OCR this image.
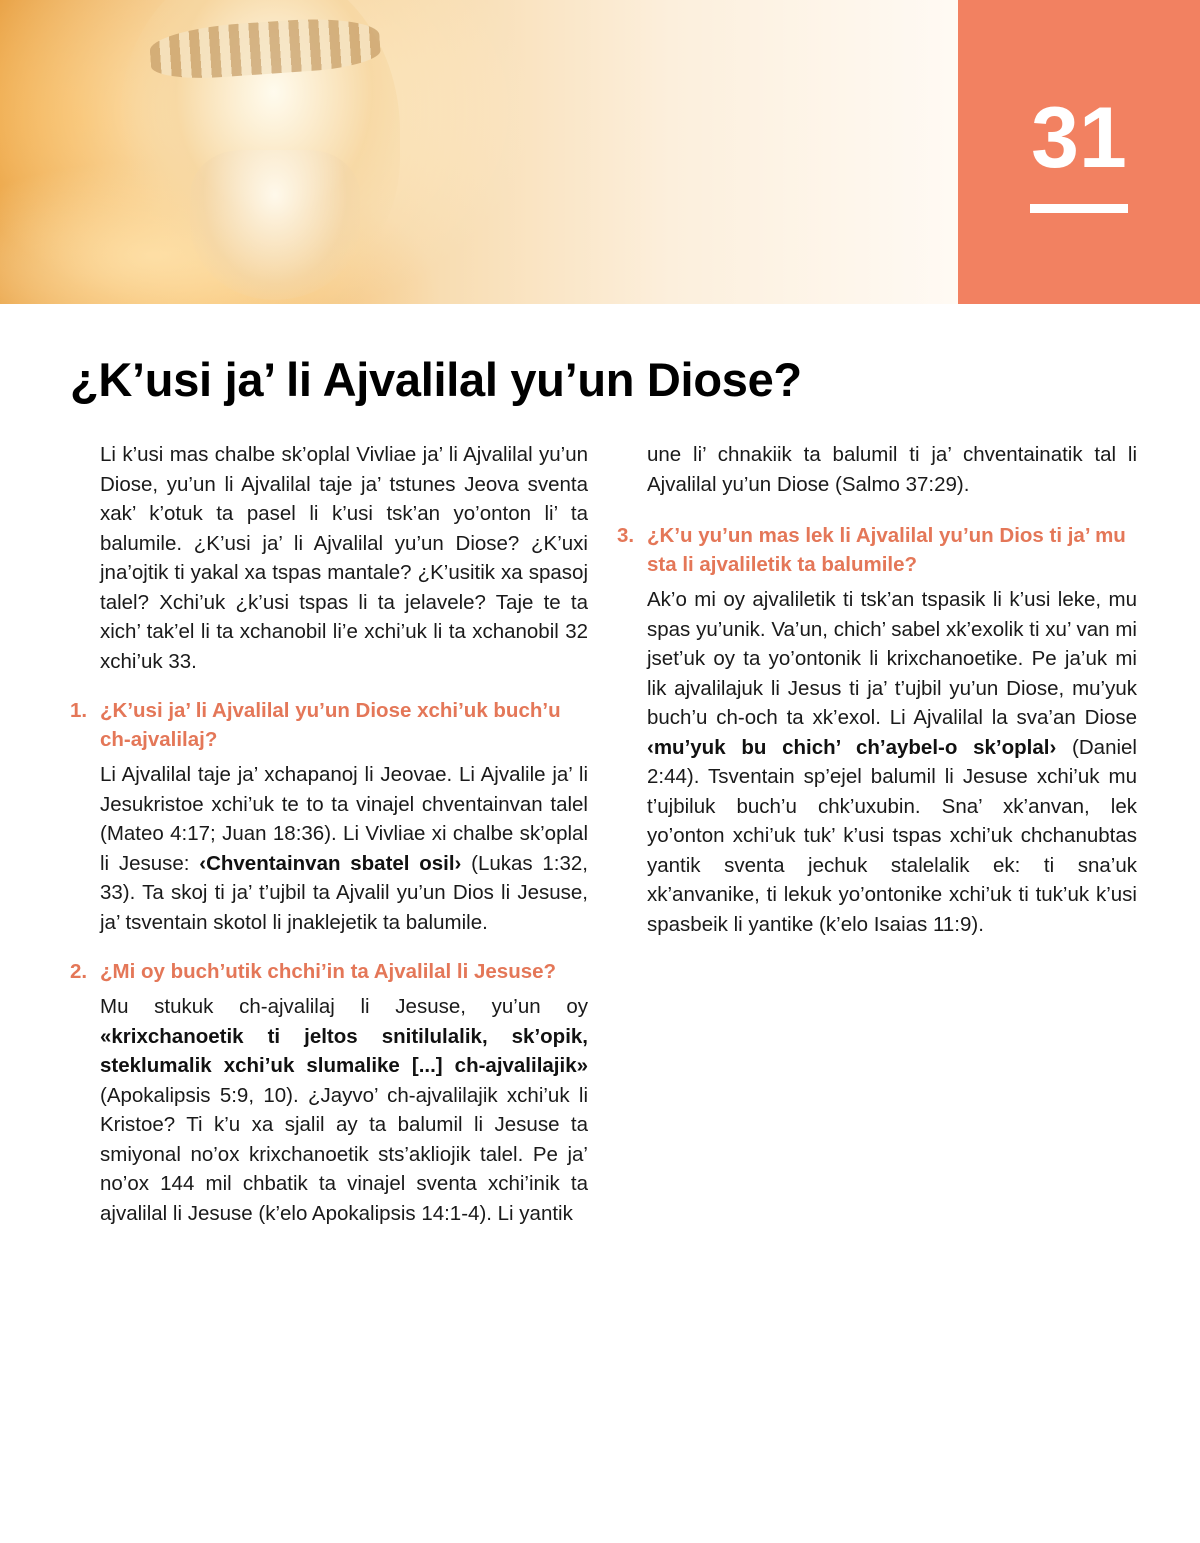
31
¿K’usi ja’ li Ajvalilal yu’un Diose?

Li k’usi mas chalbe sk’oplal Vivliae ja’ li Ajvalilal yu’un Diose, yu’un li Ajvalilal taje ja’ tstunes Jeova sventa xak’ k’otuk ta pasel li k’usi tsk’an yo’onton li’ ta balumile. ¿K’usi ja’ li Ajvalilal yu’un Diose? ¿K’uxi jna’ojtik ti yakal xa tspas mantale? ¿K’usitik xa spasoj talel? Xchi’uk ¿k’usi tspas li ta jelavele? Taje te ta xich’ tak’el li ta xchanobil li’e xchi’uk li ta xchanobil 32 xchi’uk 33.

1. ¿K’usi ja’ li Ajvalilal yu’un Diose xchi’uk buch’u ch-ajvalilaj?

Li Ajvalilal taje ja’ xchapanoj li Jeovae. Li Ajvalile ja’ li Jesukristoe xchi’uk te to ta vinajel chventainvan talel (Mateo 4:17; Juan 18:36). Li Vivliae xi chalbe sk’oplal li Jesuse: ‹Chventainvan sbatel osil› (Lukas 1:32, 33). Ta skoj ti ja’ t’ujbil ta Ajvalil yu’un Dios li Jesuse, ja’ tsventain skotol li jnaklejetik ta balumile.

2. ¿Mi oy buch’utik chchi’in ta Ajvalilal li Jesuse?

Mu stukuk ch-ajvalilaj li Jesuse, yu’un oy «krixchanoetik ti jeltos snitilulalik, sk’opik, steklumalik xchi’uk slumalike [...] ch-ajvalilajik» (Apokalipsis 5:9, 10). ¿Jayvo’ ch-ajvalilajik xchi’uk li Kristoe? Ti k’u xa sjalil ay ta balumil li Jesuse ta smiyonal no’ox krixchanoetik sts’akliojik talel. Pe ja’ no’ox 144 mil chbatik ta vinajel sventa xchi’inik ta ajvalilal li Jesuse (k’elo Apokalipsis 14:1-4). Li yantik

une li’ chnakiik ta balumil ti ja’ chventainatik tal li Ajvalilal yu’un Diose (Salmo 37:29).

3. ¿K’u yu’un mas lek li Ajvalilal yu’un Dios ti ja’ mu sta li ajvaliletik ta balumile?

Ak’o mi oy ajvaliletik ti tsk’an tspasik li k’usi leke, mu spas yu’unik. Va’un, chich’ sabel xk’exolik ti xu’ van mi jset’uk oy ta yo’ontonik li krixchanoetike. Pe ja’uk mi lik ajvalilajuk li Jesus ti ja’ t’ujbil yu’un Diose, mu’yuk buch’u ch-och ta xk’exol. Li Ajvalilal la sva’an Diose ‹mu’yuk bu chich’ ch’aybel-o sk’oplal› (Daniel 2:44). Tsventain sp’ejel balumil li Jesuse xchi’uk mu t’ujbiluk buch’u chk’uxubin. Sna’ xk’anvan, lek yo’onton xchi’uk tuk’ k’usi tspas xchi’uk chchanubtas yantik sventa jechuk stalelalik ek: ti sna’uk xk’anvanike, ti lekuk yo’ontonike xchi’uk ti tuk’uk k’usi spasbeik li yantike (k’elo Isaias 11:9).
